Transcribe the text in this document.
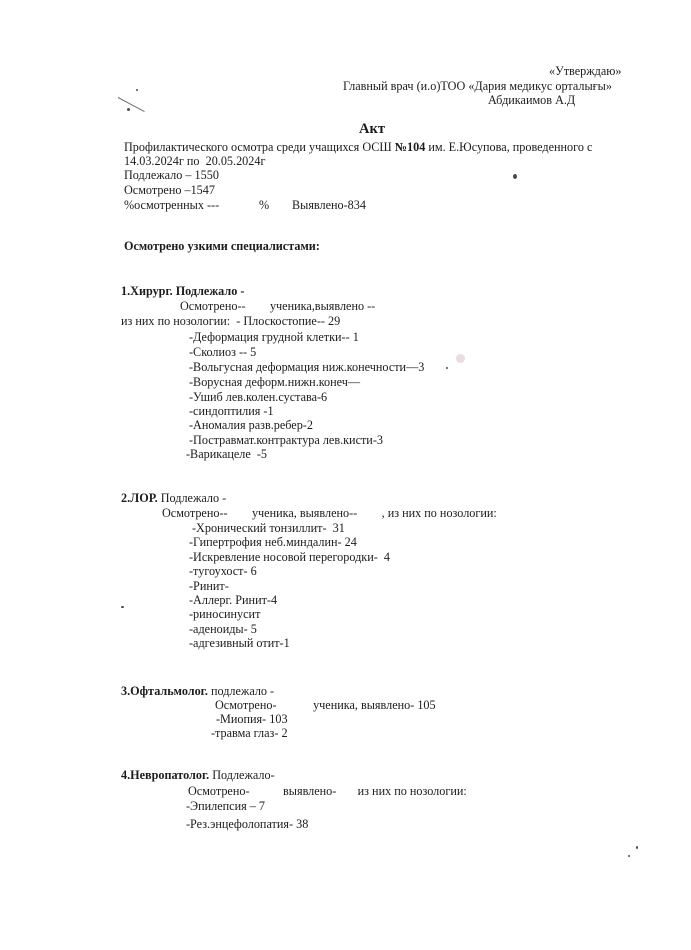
«Утверждаю»
Главный врач (и.о)ТОО «Дария медикус орталығы»
Абдикаимов А.Д
Акт
Профилактического осмотра среди учащихся ОСШ №104 им. Е.Юсупова, проведенного с
14.03.2024г по  20.05.2024г
Подлежало – 1550
Осмотрено –1547
%осмотренных ---	% Выявлено-834
Осмотрено узкими специалистами:
1.Хирург. Подлежало -
Осмотрено--        ученика,выявлено --
из них по нозологии:  - Плоскостопие-- 29
-Деформация грудной клетки-- 1
-Сколиоз -- 5
-Вольгусная деформация ниж.конечности—3
-Ворусная деформ.нижн.конеч—
-Ушиб лев.колен.сустава-6
-синдоптилия -1
-Аномалия разв.ребер-2
-Постравмат.контрактура лев.кисти-3
-Варикацеле  -5
2.ЛОР. Подлежало -
Осмотрено--        ученика, выявлено--        , из них по нозологии:
-Хронический тонзиллит-  31
-Гипертрофия неб.миндалин- 24
-Искревление носовой перегородки-  4
-тугоухост- 6
-Ринит-
-Аллерг. Ринит-4
-риносинусит
-аденоиды- 5
-адгезивный отит-1
3.Офтальмолог. подлежало -
Осмотрено-            ученика, выявлено- 105
-Миопия- 103
-травма глаз- 2
4.Невропатолог. Подлежало-
Осмотрено-           выявлено-       из них по нозологии:
-Эпилепсия – 7
-Рез.энцефолопатия- 38
